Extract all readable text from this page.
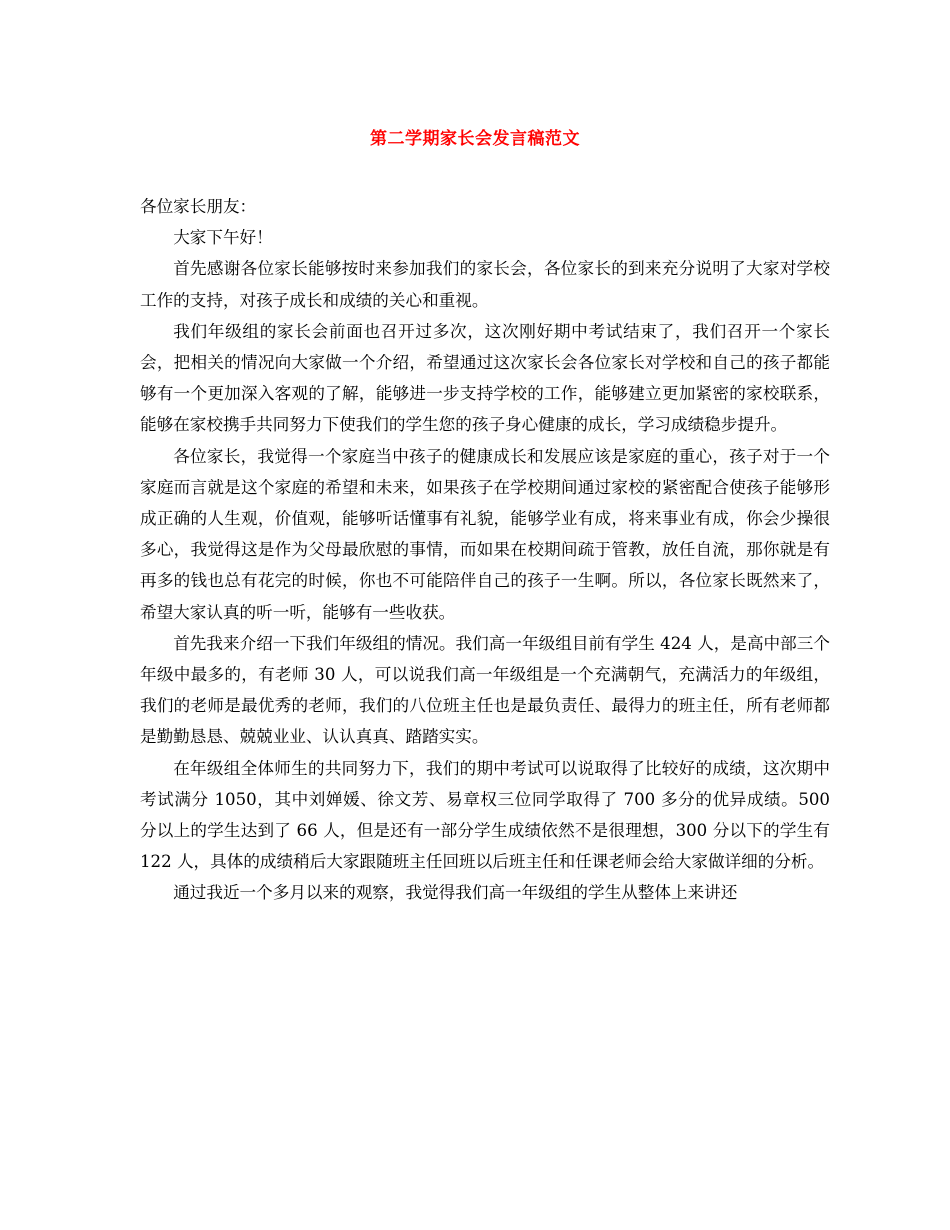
第二学期家长会发言稿范文

各位家长朋友：

大家下午好！

首先感谢各位家长能够按时来参加我们的家长会，各位家长的到来充分说明了大家对学校工作的支持，对孩子成长和成绩的关心和重视。

我们年级组的家长会前面也召开过多次，这次刚好期中考试结束了，我们召开一个家长会，把相关的情况向大家做一个介绍，希望通过这次家长会各位家长对学校和自己的孩子都能够有一个更加深入客观的了解，能够进一步支持学校的工作，能够建立更加紧密的家校联系，能够在家校携手共同努力下使我们的学生您的孩子身心健康的成长，学习成绩稳步提升。

各位家长，我觉得一个家庭当中孩子的健康成长和发展应该是家庭的重心，孩子对于一个家庭而言就是这个家庭的希望和未来，如果孩子在学校期间通过家校的紧密配合使孩子能够形成正确的人生观，价值观，能够听话懂事有礼貌，能够学业有成，将来事业有成，你会少操很多心，我觉得这是作为父母最欣慰的事情，而如果在校期间疏于管教，放任自流，那你就是有再多的钱也总有花完的时候，你也不可能陪伴自己的孩子一生啊。所以，各位家长既然来了，希望大家认真的听一听，能够有一些收获。

首先我来介绍一下我们年级组的情况。我们高一年级组目前有学生 424 人，是高中部三个年级中最多的，有老师 30 人，可以说我们高一年级组是一个充满朝气，充满活力的年级组，我们的老师是最优秀的老师，我们的八位班主任也是最负责任、最得力的班主任，所有老师都是勤勤恳恳、兢兢业业、认认真真、踏踏实实。

在年级组全体师生的共同努力下，我们的期中考试可以说取得了比较好的成绩，这次期中考试满分 1050，其中刘婵媛、徐文芳、易章权三位同学取得了 700 多分的优异成绩。500 分以上的学生达到了 66 人，但是还有一部分学生成绩依然不是很理想，300 分以下的学生有 122 人，具体的成绩稍后大家跟随班主任回班以后班主任和任课老师会给大家做详细的分析。

通过我近一个多月以来的观察，我觉得我们高一年级组的学生从整体上来讲还
